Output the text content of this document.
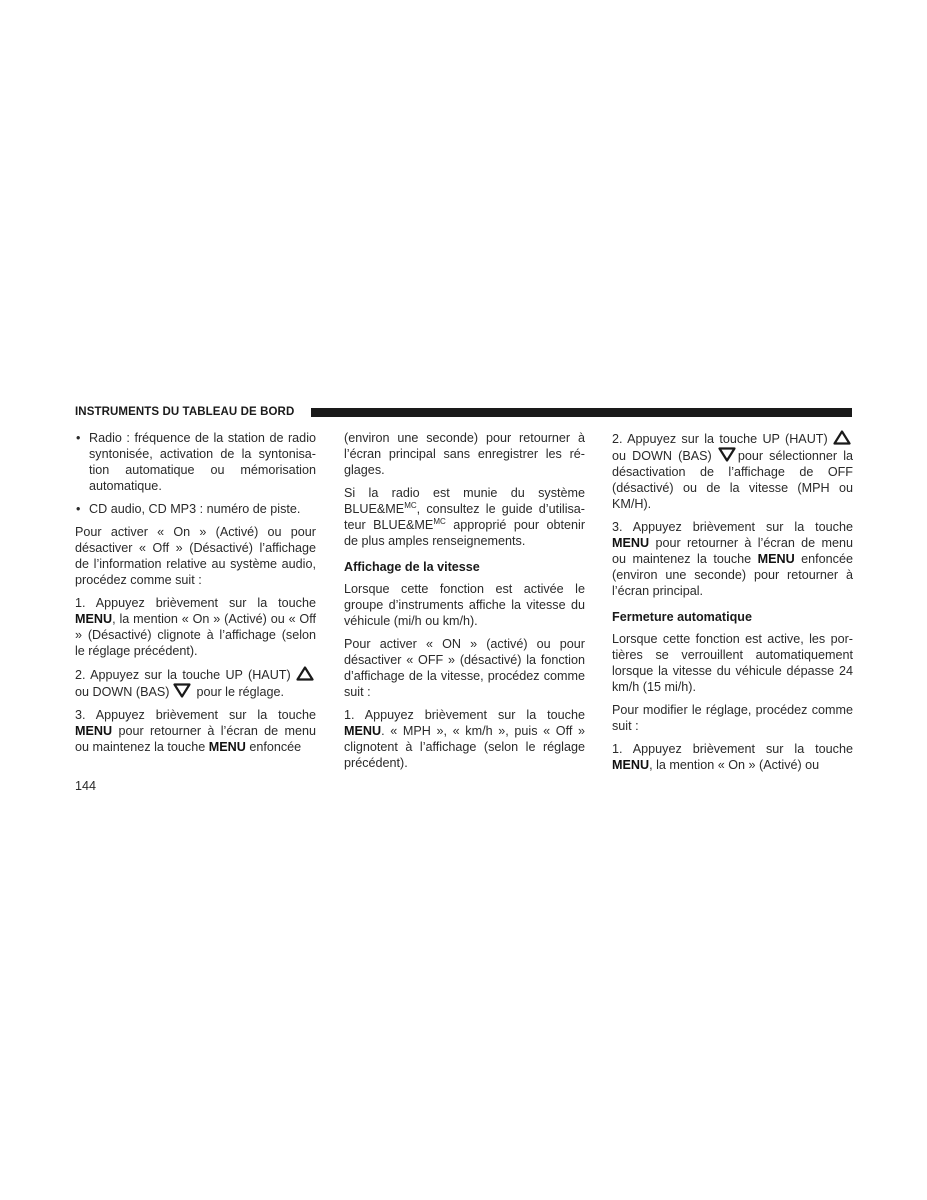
INSTRUMENTS DU TABLEAU DE BORD
• Radio : fréquence de la station de radio syntonisée, activation de la syntonisa-tion automatique ou mémorisation automatique.
• CD audio, CD MP3 : numéro de piste.

Pour activer « On » (Activé) ou pour désactiver « Off » (Désactivé) l’affichage de l’information relative au système audio, procédez comme suit :

1. Appuyez brièvement sur la touche MENU, la mention « On » (Activé) ou « Off » (Désactivé) clignote à l’affichage (selon le réglage précédent).

2. Appuyez sur la touche UP (HAUT) ou DOWN (BAS) pour le réglage.

3. Appuyez brièvement sur la touche MENU pour retourner à l’écran de menu ou maintenez la touche MENU enfoncée

(environ une seconde) pour retourner à l’écran principal sans enregistrer les ré-glages.

Si la radio est munie du système $BLUE\&ME^{MC}$, consultez le guide d’utilisa-teur $BLUE\&ME^{MC}$ approprié pour obtenir de plus amples renseignements.

Affichage de la vitesse

Lorsque cette fonction est activée le groupe d’instruments affiche la vitesse du véhicule (mi/h ou km/h).

Pour activer « ON » (activé) ou pour désactiver « OFF » (désactivé) la fonction d’affichage de la vitesse, procédez comme suit :

1. Appuyez brièvement sur la touche MENU. « MPH », « km/h », puis « Off » clignotent à l’affichage (selon le réglage précédent).

2. Appuyez sur la touche UP (HAUT) ou DOWN (BAS) pour sélectionner la désactivation de l’affichage de OFF (désactivé) ou de la vitesse (MPH ou KM/H).

3. Appuyez brièvement sur la touche MENU pour retourner à l’écran de menu ou maintenez la touche MENU enfoncée (environ une seconde) pour retourner à l’écran principal.

Fermeture automatique

Lorsque cette fonction est active, les por-tières se verrouillent automatiquement lorsque la vitesse du véhicule dépasse 24 km/h (15 mi/h).

Pour modifier le réglage, procédez comme suit :

1. Appuyez brièvement sur la touche MENU, la mention « On » (Activé) ou

144
